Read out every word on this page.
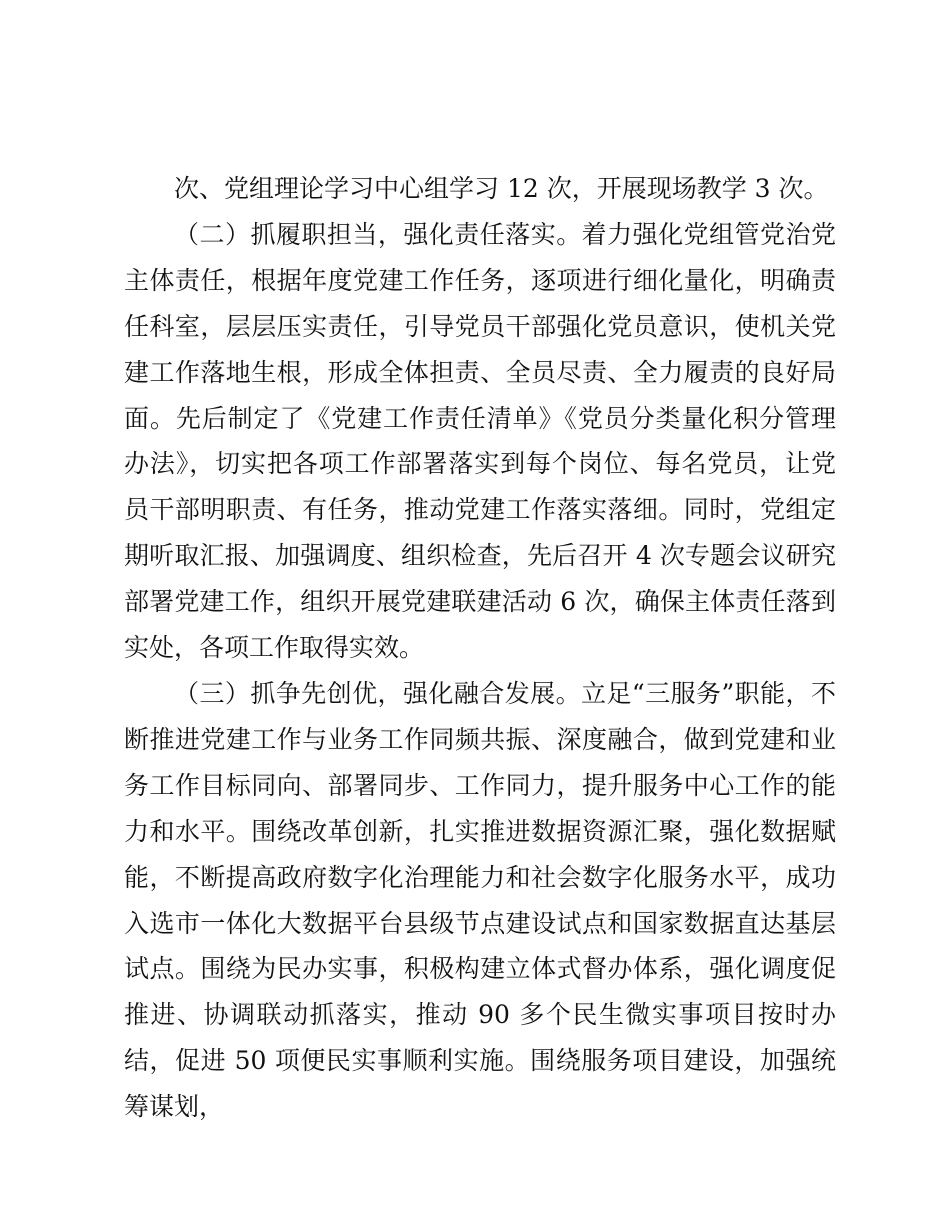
次、党组理论学习中心组学习 12 次，开展现场教学 3 次。

（二）抓履职担当，强化责任落实。着力强化党组管党治党主体责任，根据年度党建工作任务，逐项进行细化量化，明确责任科室，层层压实责任，引导党员干部强化党员意识，使机关党建工作落地生根，形成全体担责、全员尽责、全力履责的良好局面。先后制定了《党建工作责任清单》《党员分类量化积分管理办法》，切实把各项工作部署落实到每个岗位、每名党员，让党员干部明职责、有任务，推动党建工作落实落细。同时，党组定期听取汇报、加强调度、组织检查，先后召开 4 次专题会议研究部署党建工作，组织开展党建联建活动 6 次，确保主体责任落到实处，各项工作取得实效。

（三）抓争先创优，强化融合发展。立足“三服务”职能，不断推进党建工作与业务工作同频共振、深度融合，做到党建和业务工作目标同向、部署同步、工作同力，提升服务中心工作的能力和水平。围绕改革创新，扎实推进数据资源汇聚，强化数据赋能，不断提高政府数字化治理能力和社会数字化服务水平，成功入选市一体化大数据平台县级节点建设试点和国家数据直达基层试点。围绕为民办实事，积极构建立体式督办体系，强化调度促推进、协调联动抓落实，推动 90 多个民生微实事项目按时办结，促进 50 项便民实事顺利实施。围绕服务项目建设，加强统筹谋划，
